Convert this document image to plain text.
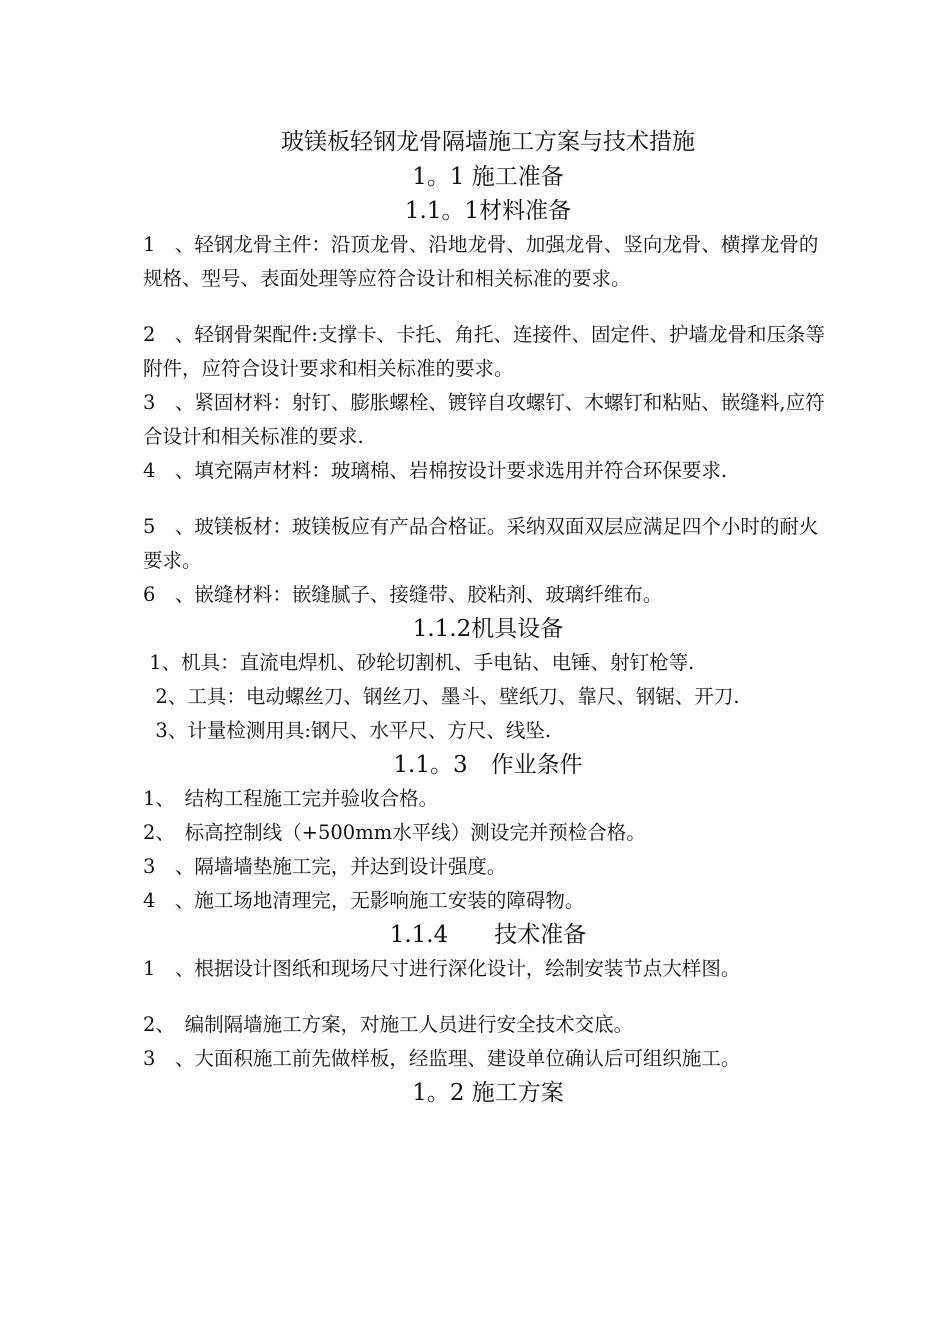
玻镁板轻钢龙骨隔墙施工方案与技术措施
1。1 施工准备
1.1。1材料准备
1　、轻钢龙骨主件：沿顶龙骨、沿地龙骨、加强龙骨、竖向龙骨、横撑龙骨的规格、型号、表面处理等应符合设计和相关标准的要求。
2　、轻钢骨架配件:支撑卡、卡托、角托、连接件、固定件、护墙龙骨和压条等附件，应符合设计要求和相关标准的要求。
3　、紧固材料：射钉、膨胀螺栓、镀锌自攻螺钉、木螺钉和粘贴、嵌缝料,应符合设计和相关标准的要求.
4　、填充隔声材料：玻璃棉、岩棉按设计要求选用并符合环保要求.
5　、玻镁板材：玻镁板应有产品合格证。采纳双面双层应满足四个小时的耐火要求。
6　、嵌缝材料：嵌缝腻子、接缝带、胶粘剂、玻璃纤维布。
1.1.2机具设备
1、机具：直流电焊机、砂轮切割机、手电钻、电锤、射钉枪等.
2、工具：电动螺丝刀、钢丝刀、墨斗、壁纸刀、靠尺、钢锯、开刀.
3、计量检测用具:钢尺、水平尺、方尺、线坠.
1.1。3　作业条件
1、　结构工程施工完并验收合格。
2、　标高控制线（+500mm水平线）测设完并预检合格。
3　、隔墙墙垫施工完，并达到设计强度。
4　、施工场地清理完，无影响施工安装的障碍物。
1.1.4　　技术准备
1　、根据设计图纸和现场尺寸进行深化设计，绘制安装节点大样图。
2、　编制隔墙施工方案，对施工人员进行安全技术交底。
3　、大面积施工前先做样板，经监理、建设单位确认后可组织施工。
1。2 施工方案
